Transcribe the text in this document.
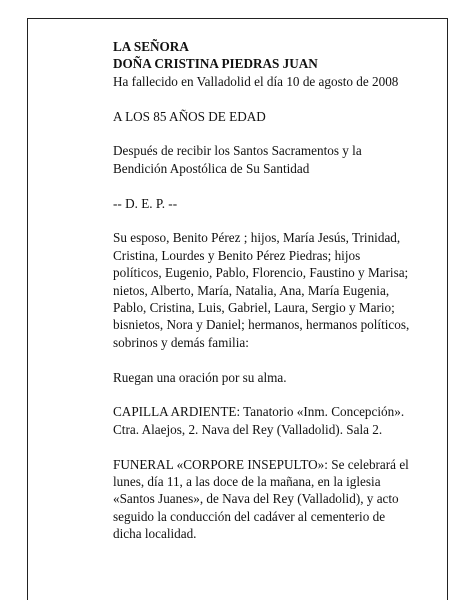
LA SEÑORA

DOÑA CRISTINA PIEDRAS JUAN

Ha fallecido en Valladolid el día 10 de agosto de 2008

A LOS 85 AÑOS DE EDAD

Después de recibir los Santos Sacramentos y la
Bendición Apostólica de Su Santidad

-- D. E. P. --

Su esposo, Benito Pérez ; hijos, María Jesús, Trinidad,
Cristina, Lourdes y Benito Pérez Piedras; hijos
políticos, Eugenio, Pablo, Florencio, Faustino y Marisa;
nietos, Alberto, María, Natalia, Ana, María Eugenia,
Pablo, Cristina, Luis, Gabriel, Laura, Sergio y Mario;
bisnietos, Nora y Daniel; hermanos, hermanos políticos,
sobrinos y demás familia:

Ruegan una oración por su alma.

CAPILLA ARDIENTE: Tanatorio «Inm. Concepción».
Ctra. Alaejos, 2. Nava del Rey (Valladolid). Sala 2.

FUNERAL «CORPORE INSEPULTO»: Se celebrará el
lunes, día 11, a las doce de la mañana, en la iglesia
«Santos Juanes», de Nava del Rey (Valladolid), y acto
seguido la conducción del cadáver al cementerio de
dicha localidad.
